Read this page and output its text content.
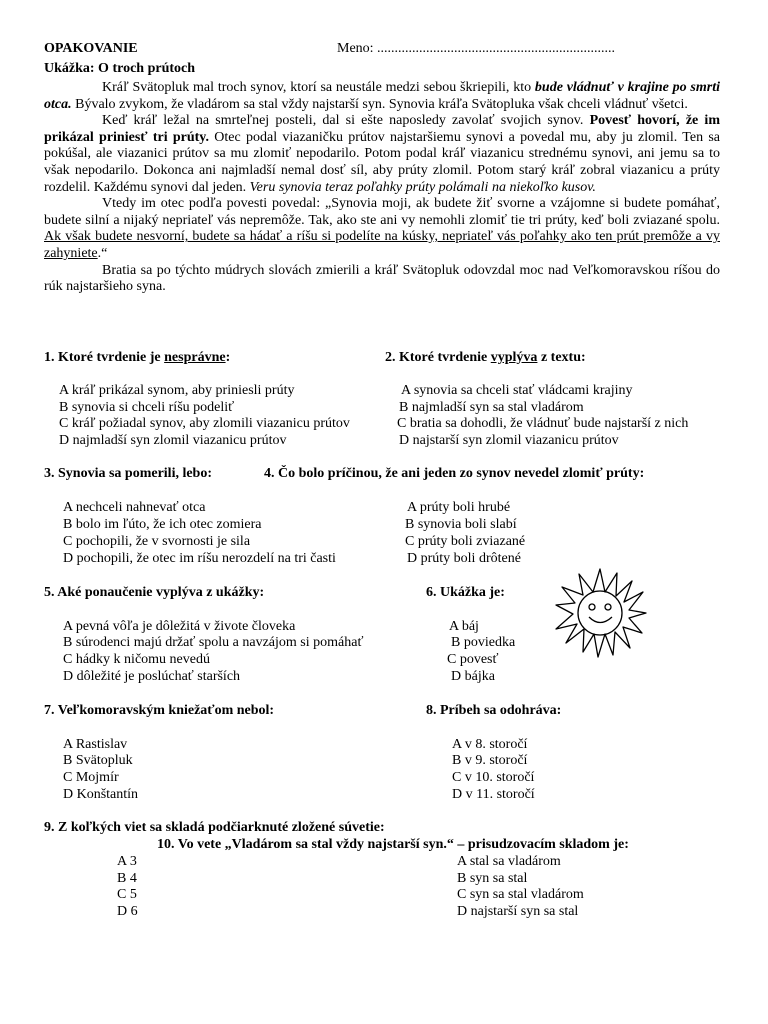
OPAKOVANIE	Meno: ....................................................................
Ukážka: O troch prútoch

Kráľ Svätopluk mal troch synov, ktorí sa neustále medzi sebou škriepili, kto bude vládnuť v krajine po smrti otca. Bývalo zvykom, že vladárom sa stal vždy najstarší syn. Synovia kráľa Svätopluka však chceli vládnuť všetci.

Keď kráľ ležal na smrteľnej posteli, dal si ešte naposledy zavolať svojich synov. Povesť hovorí, že im prikázal priniesť tri prúty. Otec podal viazaničku prútov najstaršiemu synovi a povedal mu, aby ju zlomil. Ten sa pokúšal, ale viazanici prútov sa mu zlomiť nepodarilo. Potom podal kráľ viazanicu strednému synovi, ani jemu sa to však nepodarilo. Dokonca ani najmladší nemal dosť síl, aby prúty zlomil. Potom starý kráľ zobral viazanicu a prúty rozdelil. Každému synovi dal jeden. Veru synovia teraz poľahky prúty polámali na niekoľko kusov.

Vtedy im otec podľa povesti povedal: „Synovia moji, ak budete žiť svorne a vzájomne si budete pomáhať, budete silní a nijaký nepriateľ vás nepremôže. Tak, ako ste ani vy nemohli zlomiť tie tri prúty, keď boli zviazané spolu. Ak však budete nesvorní, budete sa hádať a ríšu si podelíte na kúsky, nepriateľ vás poľahky ako ten prút premôže a vy zahyniete.“

Bratia sa po týchto múdrych slovách zmierili a kráľ Svätopluk odovzdal moc nad Veľkomoravskou ríšou do rúk najstaršieho syna.

1. Ktoré tvrdenie je nesprávne:
A kráľ prikázal synom, aby priniesli prúty
B synovia si chceli ríšu podeliť
C kráľ požiadal synov, aby zlomili viazanicu prútov
D najmladší syn zlomil viazanicu prútov
2. Ktoré tvrdenie vyplýva z textu:
A synovia sa chceli stať vládcami krajiny
B najmladší syn sa stal vladárom
C bratia sa dohodli, že vládnuť bude najstarší z nich
D najstarší syn zlomil viazanicu prútov
3. Synovia sa pomerili, lebo:
A nechceli nahnevať otca
B bolo im ľúto, že ich otec zomiera
C pochopili, že v svornosti je sila
D pochopili, že otec im ríšu nerozdelí na tri časti
4. Čo bolo príčinou, že ani jeden zo synov nevedel zlomiť prúty:
A prúty boli hrubé
B synovia boli slabí
C prúty boli zviazané
D prúty boli drôtené
5. Aké ponaučenie vyplýva z ukážky:
A pevná vôľa je dôležitá v živote človeka
B súrodenci majú držať spolu a navzájom si pomáhať
C hádky k ničomu nevedú
D dôležité je poslúchať starších
6. Ukážka je:
A báj
B poviedka
C povesť
D bájka
7. Veľkomoravským kniežaťom nebol:
A Rastislav
B Svätopluk
C Mojmír
D Konštantín
8. Príbeh sa odohráva:
A v 8. storočí
B v 9. storočí
C v 10. storočí
D v 11. storočí
9. Z koľkých viet sa skladá podčiarknuté zložené súvetie:
10. Vo vete „Vladárom sa stal vždy najstarší syn.“ – prisudzovacím skladom je:
A 3
B 4
C 5
D 6
A stal sa vladárom
B syn sa stal
C syn sa stal vladárom
D najstarší syn sa stal
